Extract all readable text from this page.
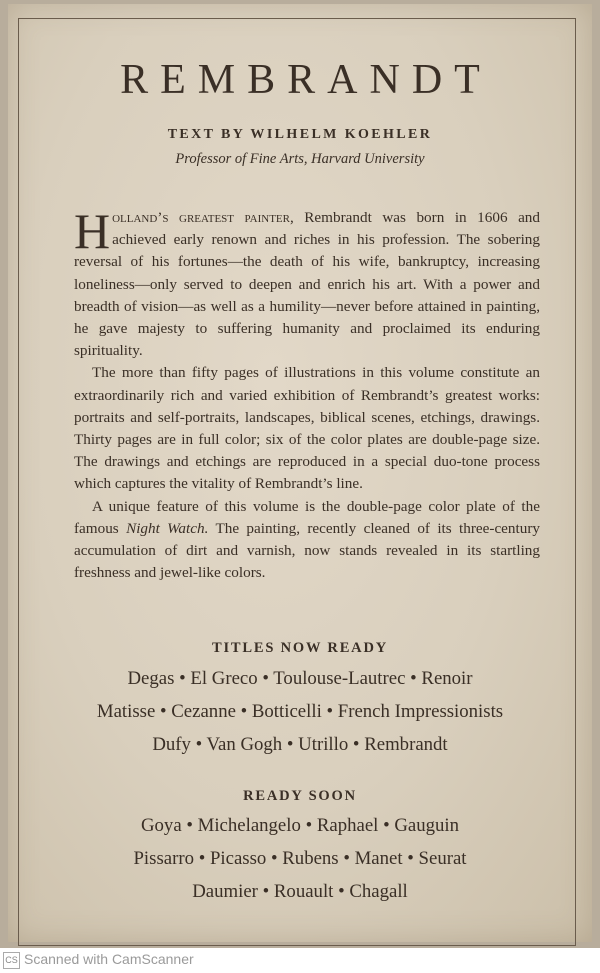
REMBRANDT
TEXT BY WILHELM KOEHLER
Professor of Fine Arts, Harvard University

Holland’s greatest painter, Rembrandt was born in 1606 and achieved early renown and riches in his profession. The sobering reversal of his fortunes—the death of his wife, bankruptcy, increasing loneliness—only served to deepen and enrich his art. With a power and breadth of vision—as well as a humility—never before attained in painting, he gave majesty to suffering humanity and proclaimed its enduring spirituality.

The more than fifty pages of illustrations in this volume constitute an extraordinarily rich and varied exhibition of Rembrandt’s greatest works: portraits and self-portraits, landscapes, biblical scenes, etchings, drawings. Thirty pages are in full color; six of the color plates are double-page size. The drawings and etchings are reproduced in a special duo-tone process which captures the vitality of Rembrandt’s line.

A unique feature of this volume is the double-page color plate of the famous Night Watch. The painting, recently cleaned of its three-century accumulation of dirt and varnish, now stands revealed in its startling freshness and jewel-like colors.

TITLES NOW READY
Degas • El Greco • Toulouse-Lautrec • Renoir
Matisse • Cezanne • Botticelli • French Impressionists
Dufy • Van Gogh • Utrillo • Rembrandt
READY SOON
Goya • Michelangelo • Raphael • Gauguin
Pissarro • Picasso • Rubens • Manet • Seurat
Daumier • Rouault • Chagall
CS Scanned with CamScanner
